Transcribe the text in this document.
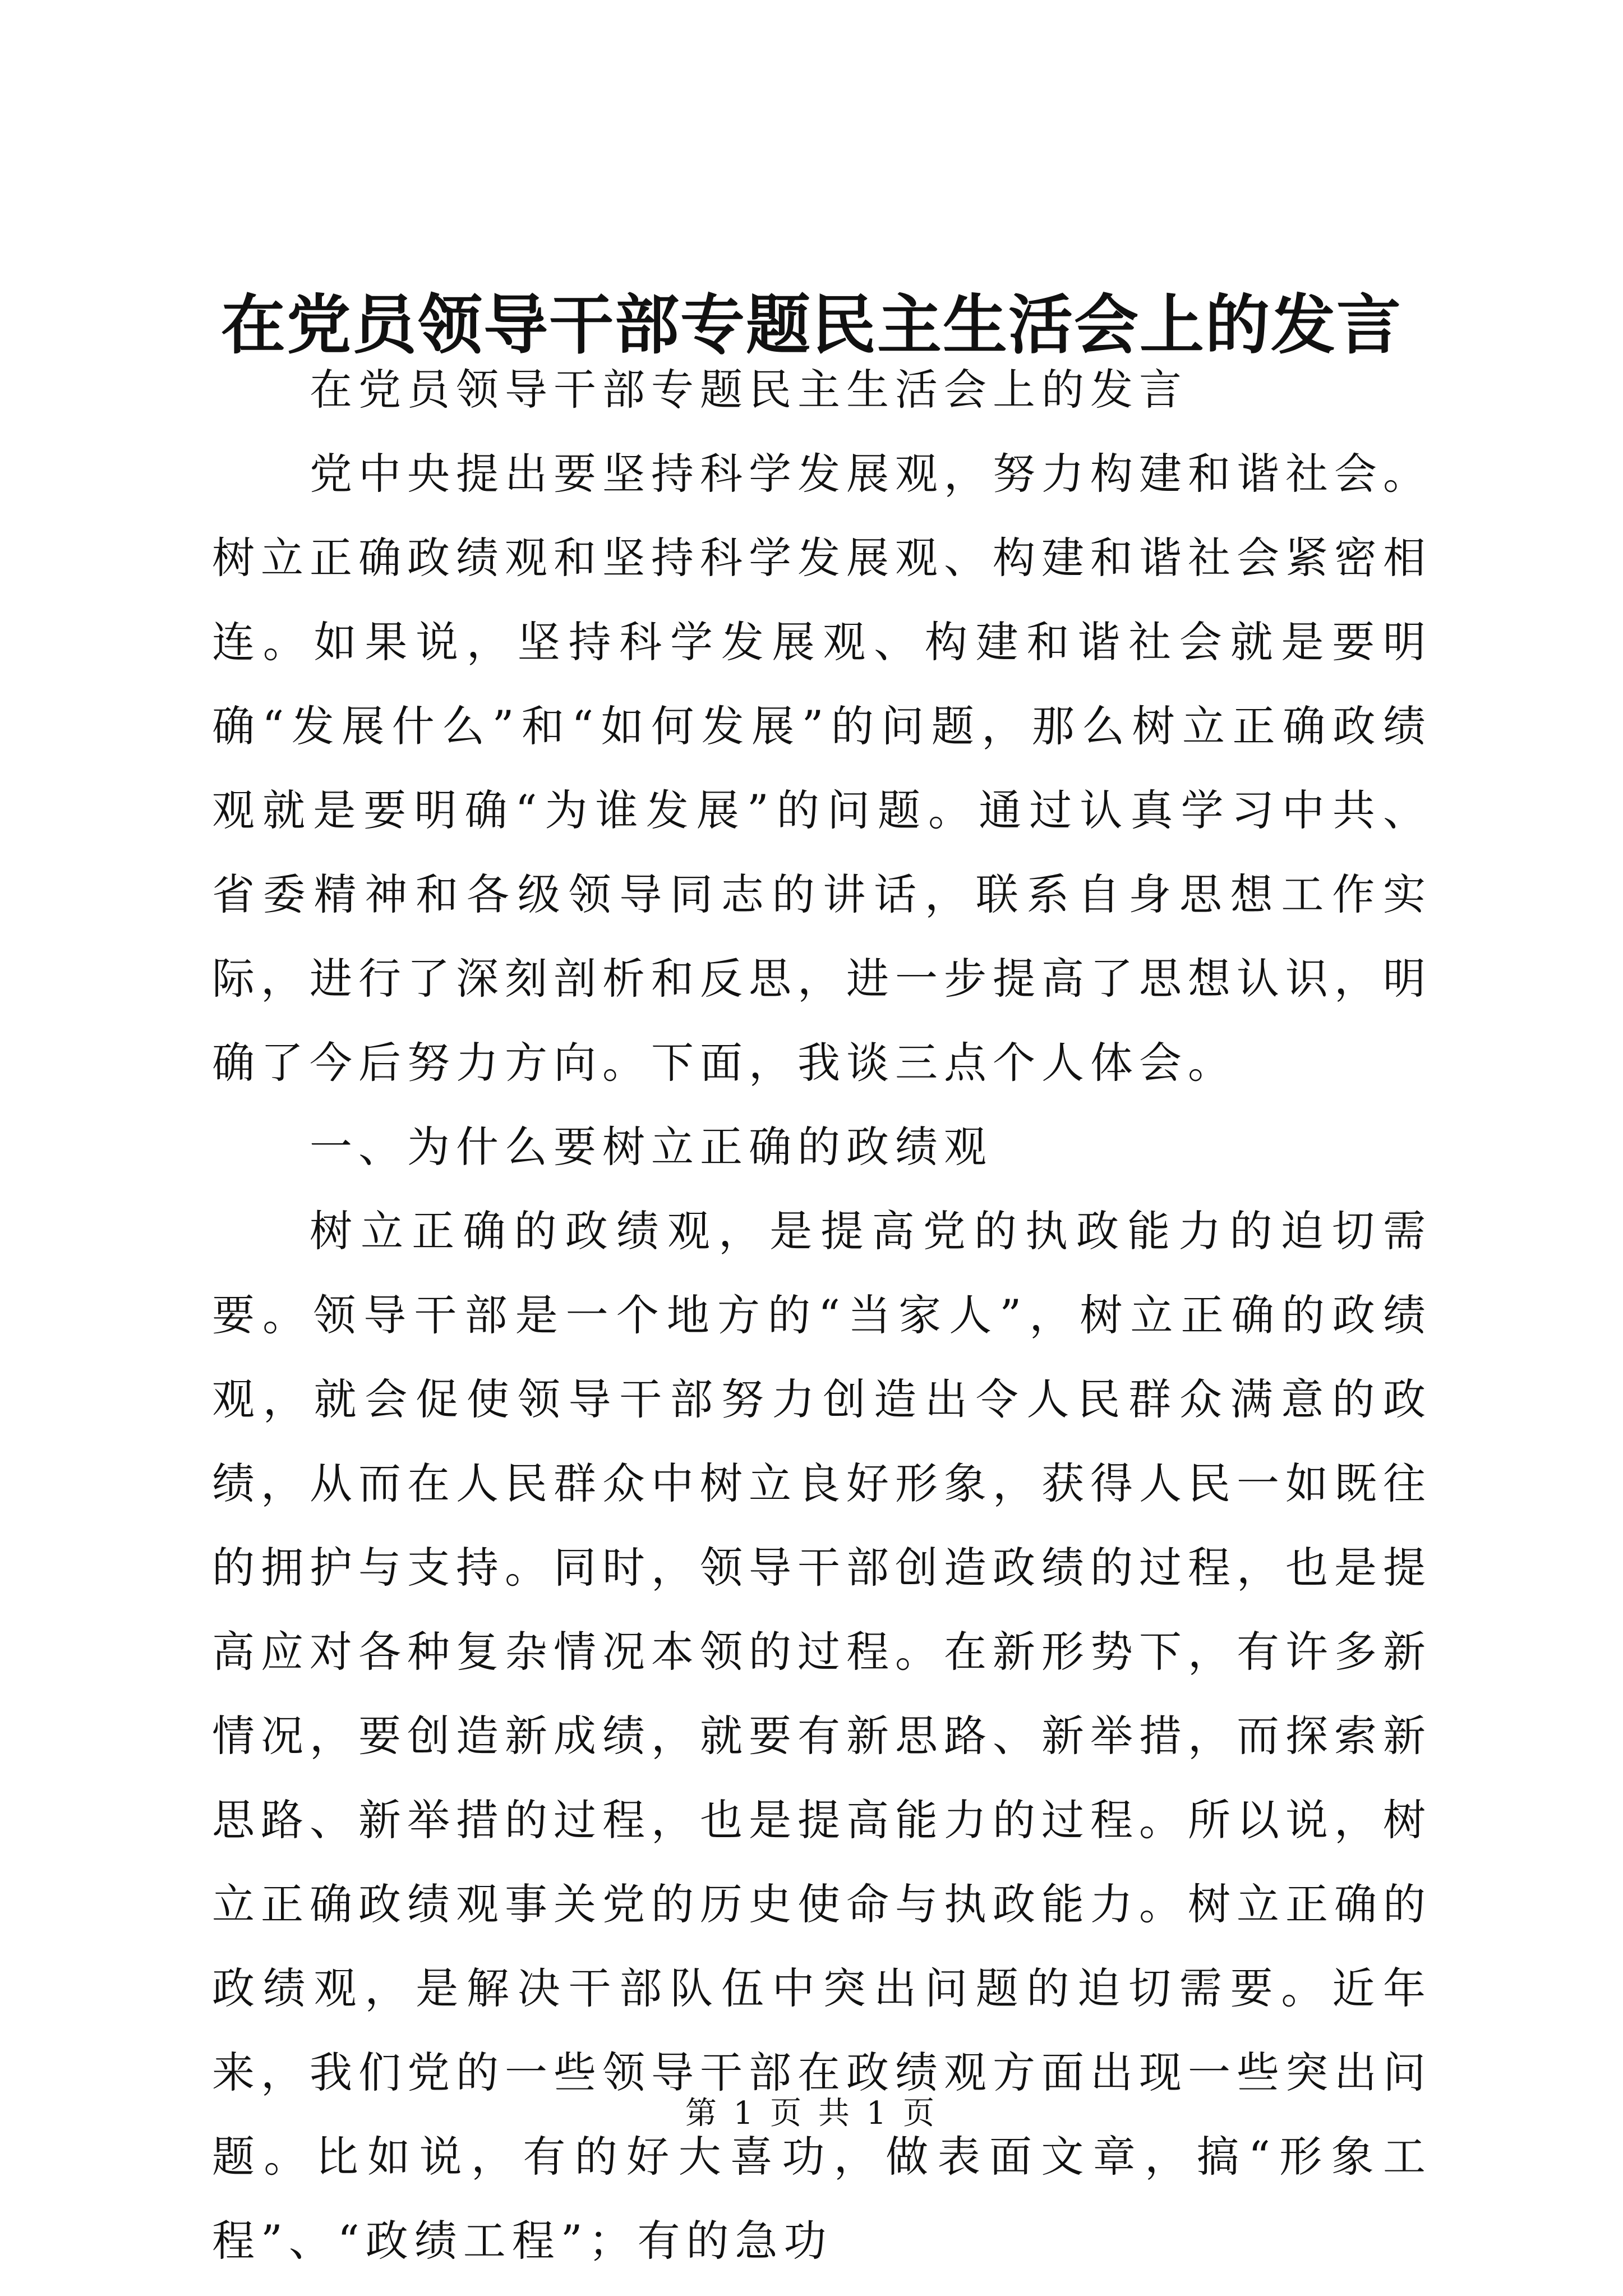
在党员领导干部专题民主生活会上的发言

在党员领导干部专题民主生活会上的发言

党中央提出要坚持科学发展观，努力构建和谐社会。树立正确政绩观和坚持科学发展观、构建和谐社会紧密相连。如果说，坚持科学发展观、构建和谐社会就是要明确“发展什么”和“如何发展”的问题，那么树立正确政绩观就是要明确“为谁发展”的问题。通过认真学习中共、省委精神和各级领导同志的讲话，联系自身思想工作实际，进行了深刻剖析和反思，进一步提高了思想认识，明确了今后努力方向。下面，我谈三点个人体会。

一、为什么要树立正确的政绩观

树立正确的政绩观，是提高党的执政能力的迫切需要。领导干部是一个地方的“当家人”，树立正确的政绩观，就会促使领导干部努力创造出令人民群众满意的政绩，从而在人民群众中树立良好形象，获得人民一如既往的拥护与支持。同时，领导干部创造政绩的过程，也是提高应对各种复杂情况本领的过程。在新形势下，有许多新情况，要创造新成绩，就要有新思路、新举措，而探索新思路、新举措的过程，也是提高能力的过程。所以说，树立正确政绩观事关党的历史使命与执政能力。树立正确的政绩观，是解决干部队伍中突出问题的迫切需要。近年来，我们党的一些领导干部在政绩观方面出现一些突出问题。比如说，有的好大喜功，做表面文章，搞“形象工程”、“政绩工程”；有的急功

第 1 页 共 1 页
